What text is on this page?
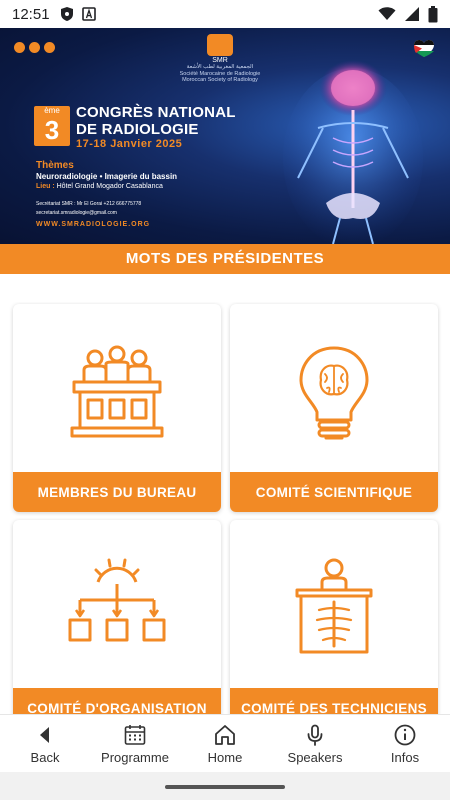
12:51
SMR
الجمعية المغربية لطب الأشعة
Société Marocaine de Radiologie
Moroccan Society of Radiology
ème
3
CONGRÈS NATIONAL
DE RADIOLOGIE
17-18 Janvier 2025
Thèmes
Neuroradiologie • Imagerie du bassin
Lieu : Hôtel Grand Mogador Casablanca
Secrétariat SMR : Mr El Gorai +212 666775778
secretariat.smradiologie@gmail.com
WWW.SMRADIOLOGIE.ORG
MOTS DES PRÉSIDENTES
MEMBRES DU BUREAU	COMITÉ SCIENTIFIQUE
COMITÉ D'ORGANISATION	COMITÉ DES TECHNICIENS
Back	Programme	Home	Speakers	Infos
